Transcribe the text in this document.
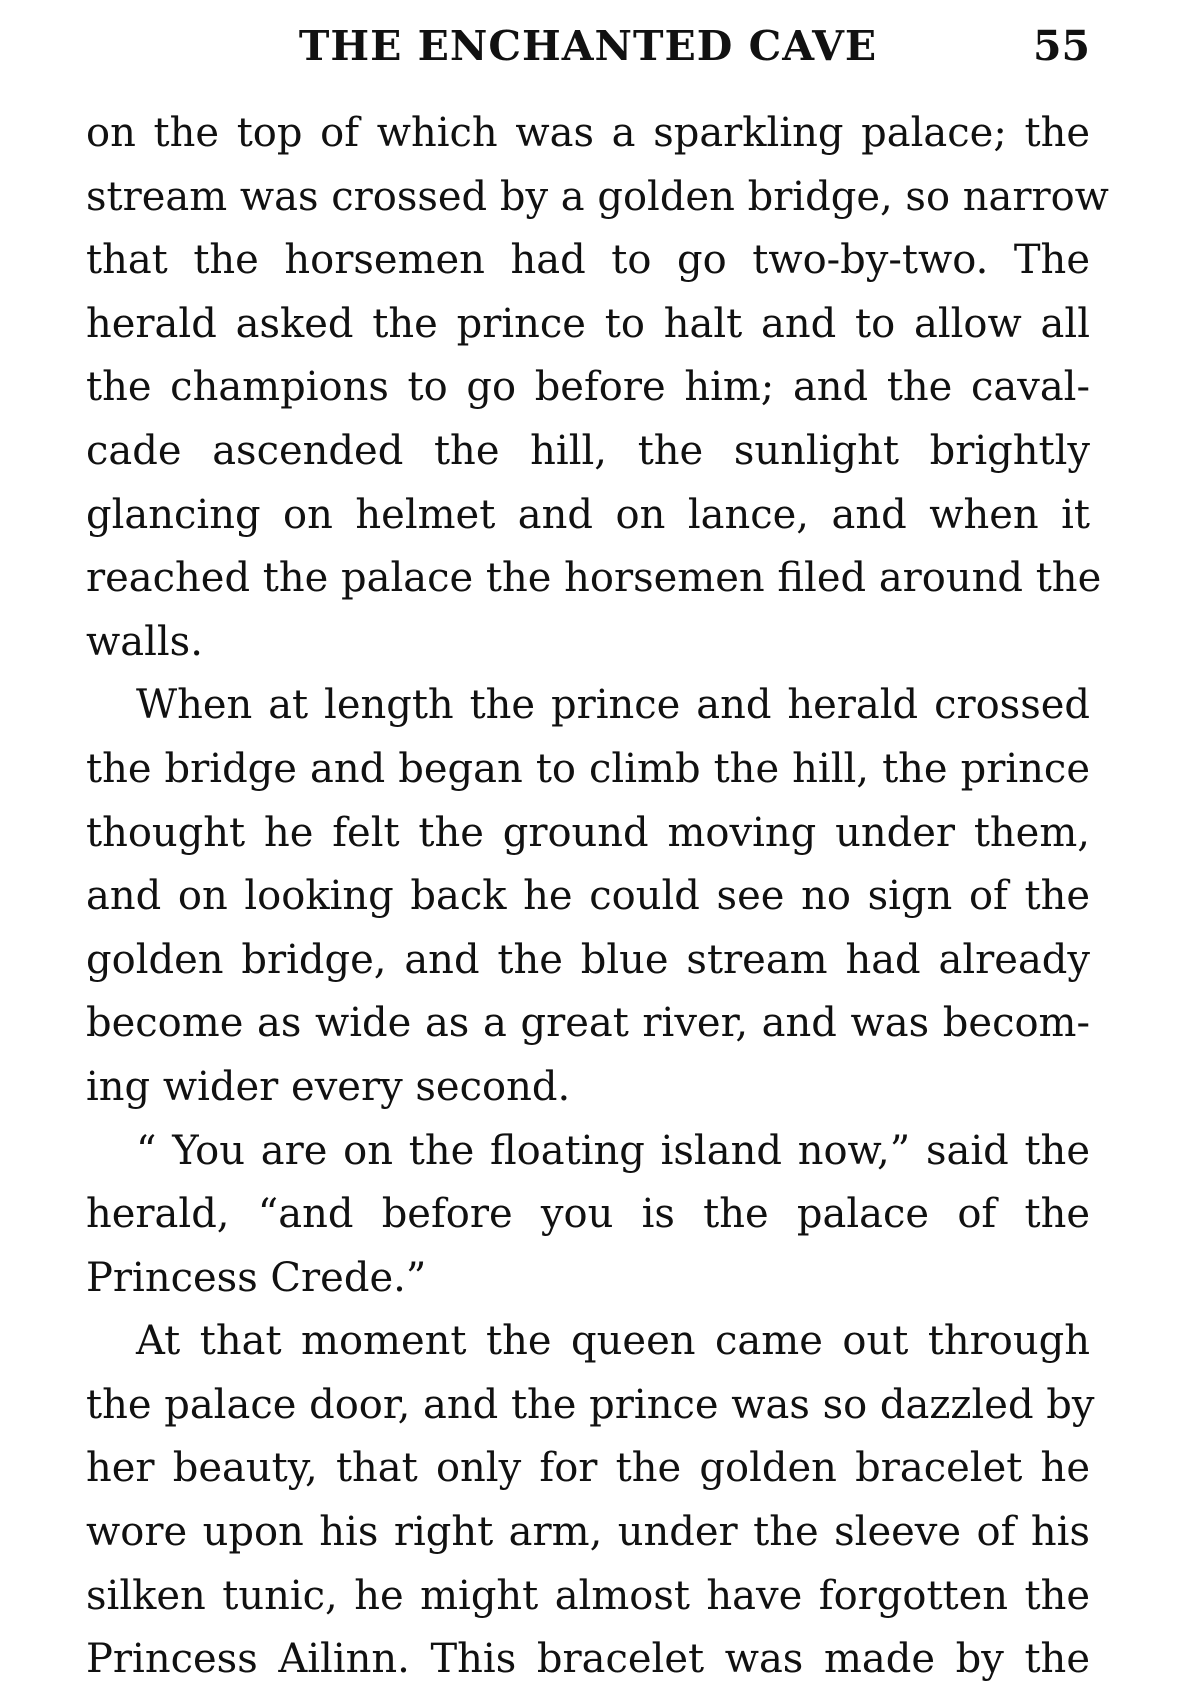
THE ENCHANTED CAVE	55
on the top of which was a sparkling palace; the
stream was crossed by a golden bridge, so narrow
that the horsemen had to go two-by-two. The
herald asked the prince to halt and to allow all
the champions to go before him; and the caval-
cade ascended the hill, the sunlight brightly
glancing on helmet and on lance, and when it
reached the palace the horsemen filed around the
walls.
When at length the prince and herald crossed
the bridge and began to climb the hill, the prince
thought he felt the ground moving under them,
and on looking back he could see no sign of the
golden bridge, and the blue stream had already
become as wide as a great river, and was becom-
ing wider every second.
“ You are on the floating island now,” said the
herald, “and before you is the palace of the
Princess Crede.”
At that moment the queen came out through
the palace door, and the prince was so dazzled by
her beauty, that only for the golden bracelet he
wore upon his right arm, under the sleeve of his
silken tunic, he might almost have forgotten the
Princess Ailinn. This bracelet was made by the
